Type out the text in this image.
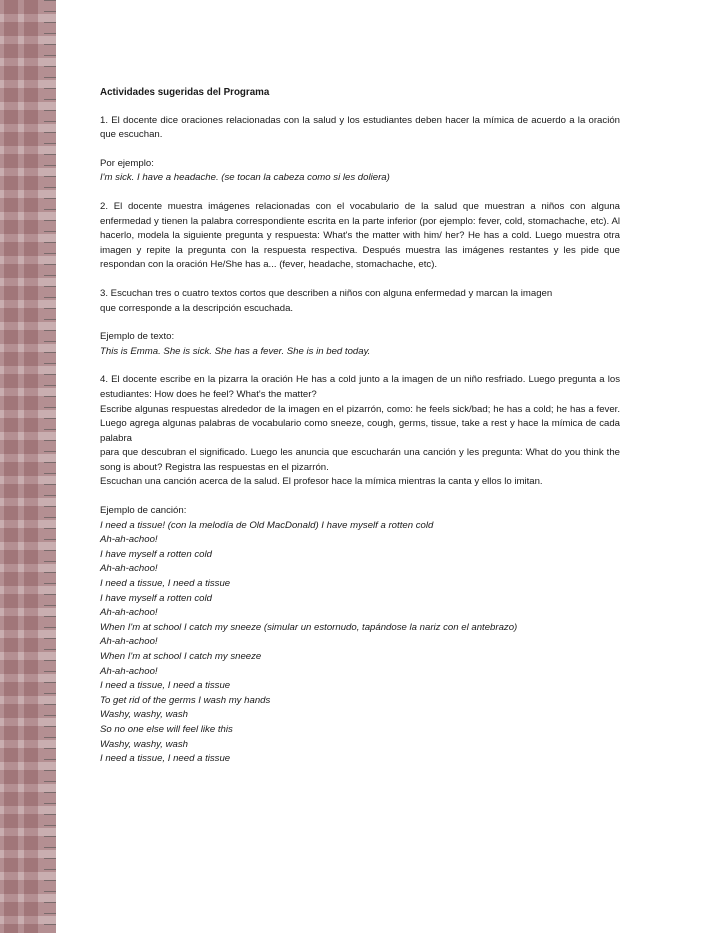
Actividades sugeridas del Programa

1. El docente dice oraciones relacionadas con la salud y los estudiantes deben hacer la mímica de acuerdo a la oración que escuchan.

Por ejemplo:

I'm sick. I have a headache. (se tocan la cabeza como si les doliera)

2. El docente muestra imágenes relacionadas con el vocabulario de la salud que muestran a niños con alguna enfermedad y tienen la palabra correspondiente escrita en la parte inferior (por ejemplo: fever, cold, stomachache, etc). Al hacerlo, modela la siguiente pregunta y respuesta: What's the matter with him/ her? He has a cold. Luego muestra otra imagen y repite la pregunta con la respuesta respectiva. Después muestra las imágenes restantes y les pide que respondan con la oración He/She has a... (fever, headache, stomachache, etc).

3. Escuchan tres o cuatro textos cortos que describen a niños con alguna enfermedad y marcan la imagen

que corresponde a la descripción escuchada.

Ejemplo de texto:

This is Emma. She is sick. She has a fever. She is in bed today.

4. El docente escribe en la pizarra la oración He has a cold junto a la imagen de un niño resfriado. Luego pregunta a los estudiantes: How does he feel? What's the matter?

Escribe algunas respuestas alrededor de la imagen en el pizarrón, como: he feels sick/bad; he has a cold; he has a fever. Luego agrega algunas palabras de vocabulario como sneeze, cough, germs, tissue, take a rest y hace la mímica de cada palabra

para que descubran el significado. Luego les anuncia que escucharán una canción y les pregunta: What do you think the song is about? Registra las respuestas en el pizarrón.

Escuchan una canción acerca de la salud. El profesor hace la mímica mientras la canta y ellos lo imitan.

Ejemplo de canción:

I need a tissue! (con la melodía de Old MacDonald) I have myself a rotten cold

Ah-ah-achoo!

I have myself a rotten cold

Ah-ah-achoo!

I need a tissue, I need a tissue

I have myself a rotten cold

Ah-ah-achoo!

When I'm at school I catch my sneeze (simular un estornudo, tapándose la nariz con el antebrazo)

Ah-ah-achoo!

When I'm at school I catch my sneeze

Ah-ah-achoo!

I need a tissue, I need a tissue

To get rid of the germs I wash my hands

Washy, washy, wash

So no one else will feel like this

Washy, washy, wash

I need a tissue, I need a tissue
